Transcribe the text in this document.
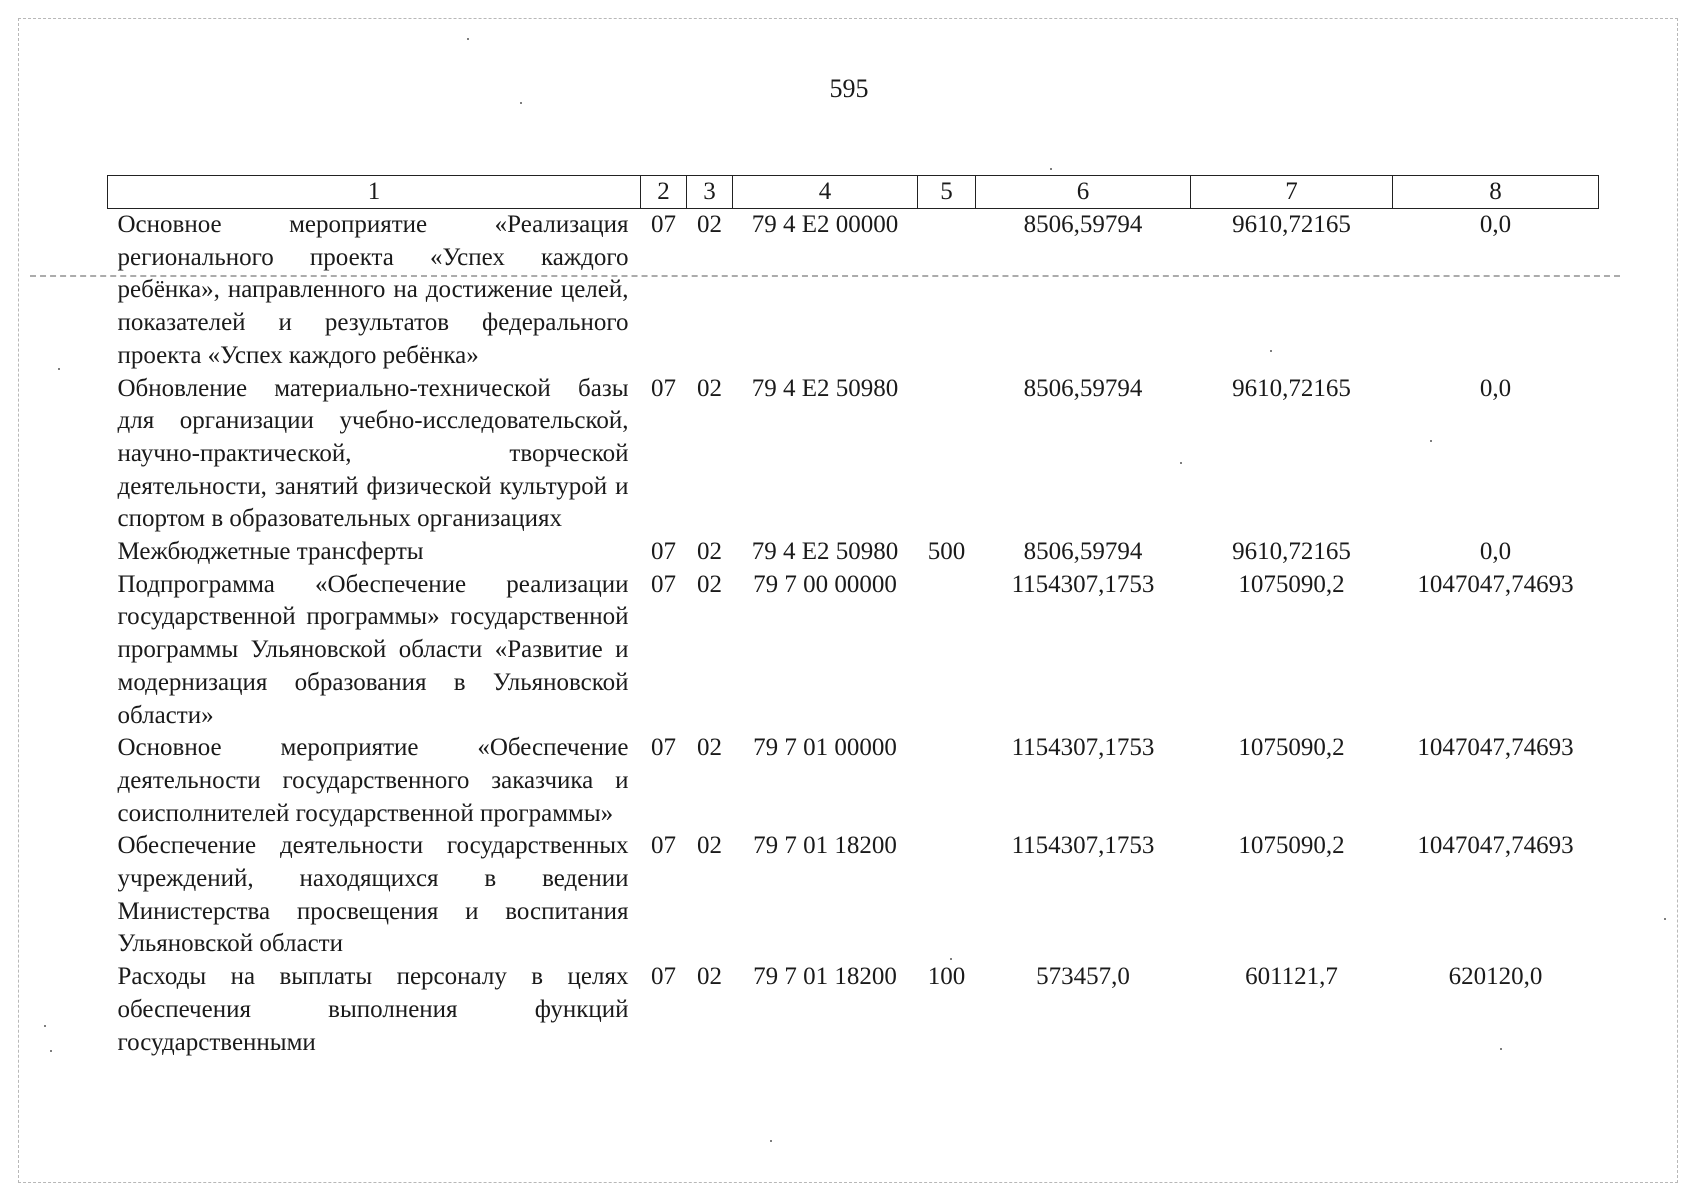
595
1	2	3	4	5	6	7	8
Основное мероприятие «Реализация регионального проекта «Успех каждого ребёнка», направленного на достижение целей, показателей и результатов федерального проекта «Успех каждого ребёнка»	07	02	79 4 E2 00000		8506,59794	9610,72165	0,0
Обновление материально-технической базы для организации учебно-исследовательской, научно-практической, творческой деятельности, занятий физической культурой и спортом в образовательных организациях	07	02	79 4 E2 50980		8506,59794	9610,72165	0,0
Межбюджетные трансферты	07	02	79 4 E2 50980	500	8506,59794	9610,72165	0,0
Подпрограмма «Обеспечение реализации государственной программы» государственной программы Ульяновской области «Развитие и модернизация образования в Ульяновской области»	07	02	79 7 00 00000		1154307,1753	1075090,2	1047047,74693
Основное мероприятие «Обеспечение деятельности государственного заказчика и соисполнителей государственной программы»	07	02	79 7 01 00000		1154307,1753	1075090,2	1047047,74693
Обеспечение деятельности государственных учреждений, находящихся в ведении Министерства просвещения и воспитания Ульяновской области	07	02	79 7 01 18200		1154307,1753	1075090,2	1047047,74693
Расходы на выплаты персоналу в целях обеспечения выполнения функций государственными	07	02	79 7 01 18200	100	573457,0	601121,7	620120,0
